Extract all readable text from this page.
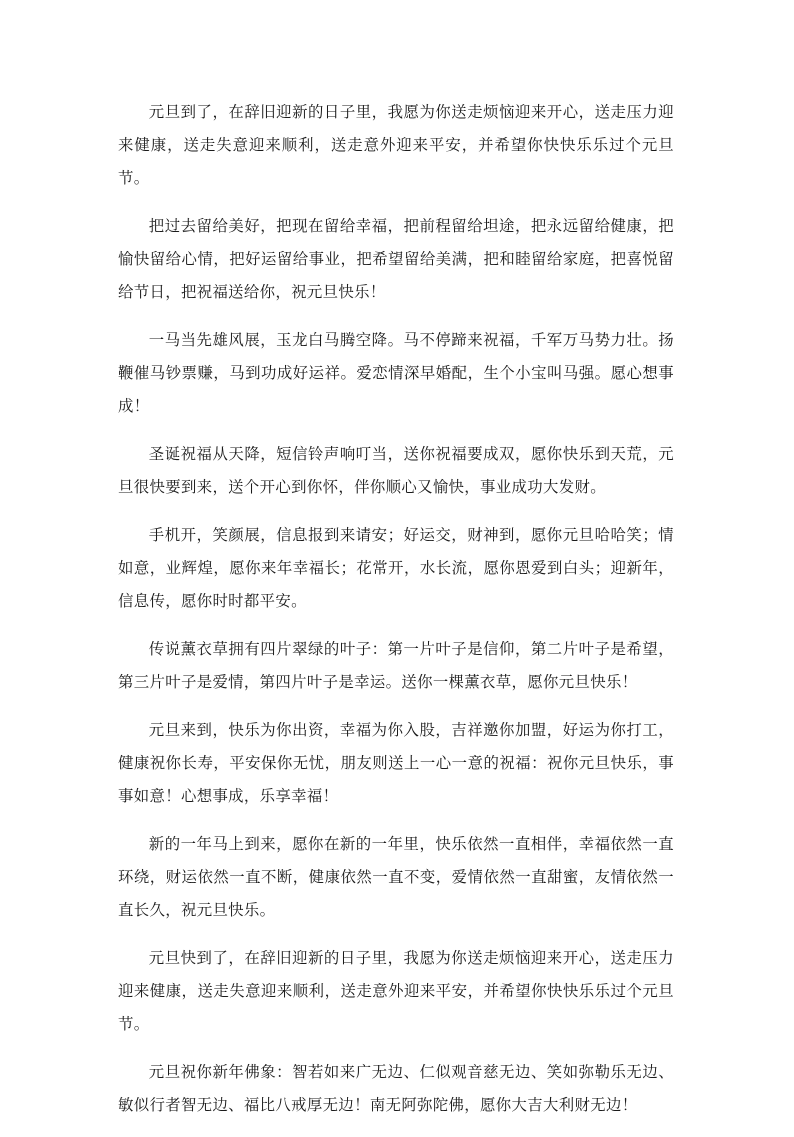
元旦到了，在辞旧迎新的日子里，我愿为你送走烦恼迎来开心，送走压力迎来健康，送走失意迎来顺利，送走意外迎来平安，并希望你快快乐乐过个元旦节。

把过去留给美好，把现在留给幸福，把前程留给坦途，把永远留给健康，把愉快留给心情，把好运留给事业，把希望留给美满，把和睦留给家庭，把喜悦留给节日，把祝福送给你，祝元旦快乐！

一马当先雄风展，玉龙白马腾空降。马不停蹄来祝福，千军万马势力壮。扬鞭催马钞票赚，马到功成好运祥。爱恋情深早婚配，生个小宝叫马强。愿心想事成！

圣诞祝福从天降，短信铃声响叮当，送你祝福要成双，愿你快乐到天荒，元旦很快要到来，送个开心到你怀，伴你顺心又愉快，事业成功大发财。

手机开，笑颜展，信息报到来请安；好运交，财神到，愿你元旦哈哈笑；情如意，业辉煌，愿你来年幸福长；花常开，水长流，愿你恩爱到白头；迎新年，信息传，愿你时时都平安。

传说薰衣草拥有四片翠绿的叶子：第一片叶子是信仰，第二片叶子是希望，第三片叶子是爱情，第四片叶子是幸运。送你一棵薰衣草，愿你元旦快乐！

元旦来到，快乐为你出资，幸福为你入股，吉祥邀你加盟，好运为你打工，健康祝你长寿，平安保你无忧，朋友则送上一心一意的祝福：祝你元旦快乐，事事如意！心想事成，乐享幸福！

新的一年马上到来，愿你在新的一年里，快乐依然一直相伴，幸福依然一直环绕，财运依然一直不断，健康依然一直不变，爱情依然一直甜蜜，友情依然一直长久，祝元旦快乐。

元旦快到了，在辞旧迎新的日子里，我愿为你送走烦恼迎来开心，送走压力迎来健康，送走失意迎来顺利，送走意外迎来平安，并希望你快快乐乐过个元旦节。

元旦祝你新年佛象：智若如来广无边、仁似观音慈无边、笑如弥勒乐无边、敏似行者智无边、福比八戒厚无边！南无阿弥陀佛，愿你大吉大利财无边！
